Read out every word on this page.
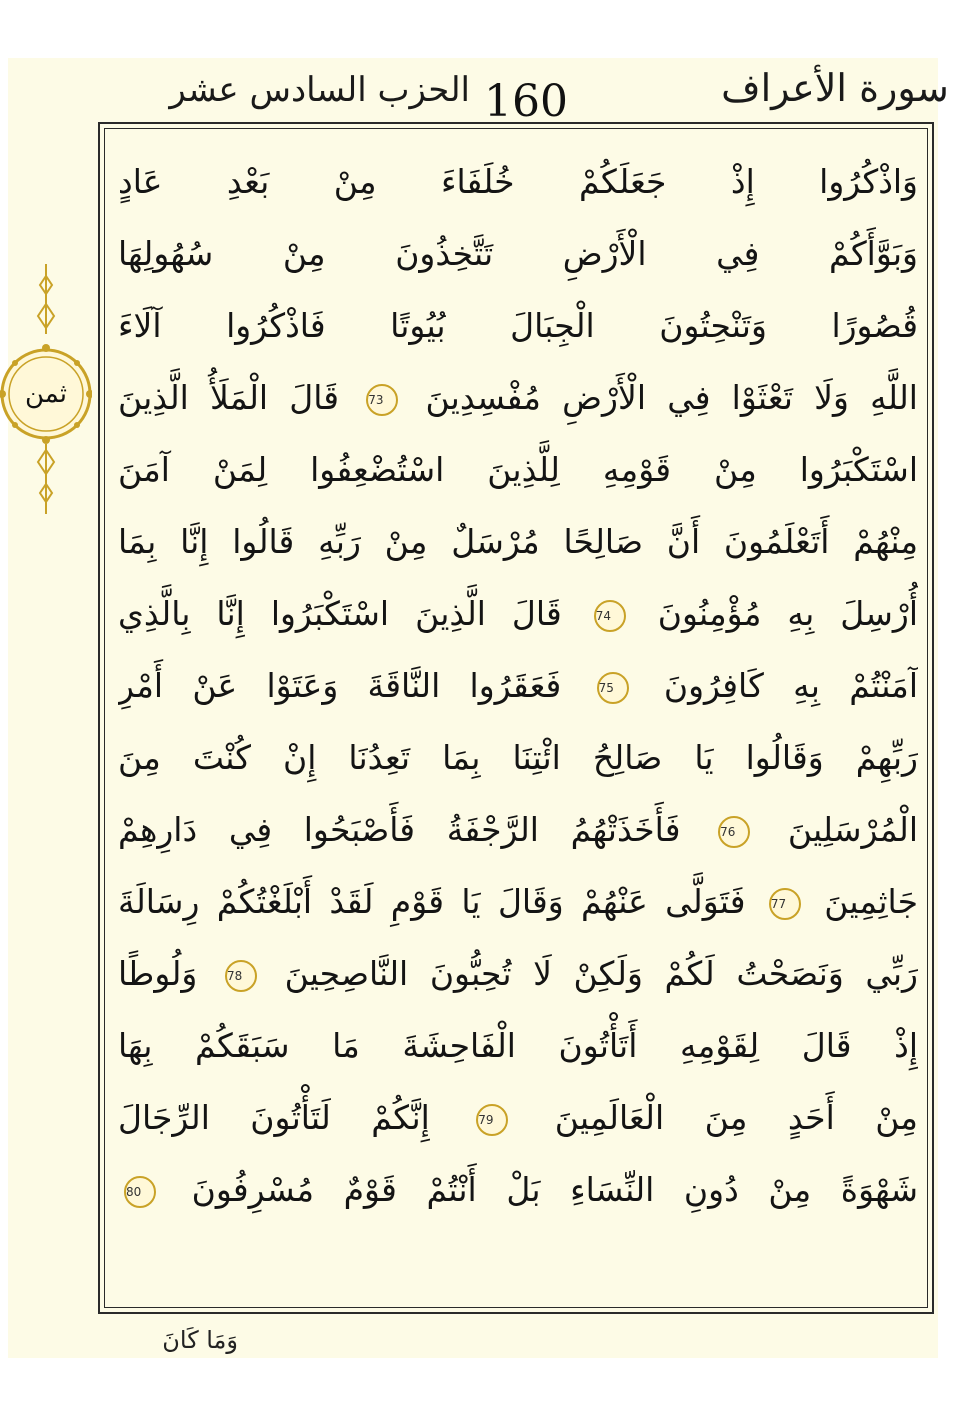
الحزب السادس عشر 160	سورة الأعراف
ثمن
وَاذْكُرُوا إِذْ جَعَلَكُمْ خُلَفَاءَ مِنْ بَعْدِ عَادٍ
وَبَوَّأَكُمْ فِي الْأَرْضِ تَتَّخِذُونَ مِنْ سُهُولِهَا
قُصُورًا وَتَنْحِتُونَ الْجِبَالَ بُيُوتًا فَاذْكُرُوا آلَاءَ
اللَّهِ وَلَا تَعْثَوْا فِي الْأَرْضِ مُفْسِدِينَ 73 قَالَ الْمَلَأُ الَّذِينَ
اسْتَكْبَرُوا مِنْ قَوْمِهِ لِلَّذِينَ اسْتُضْعِفُوا لِمَنْ آمَنَ
مِنْهُمْ أَتَعْلَمُونَ أَنَّ صَالِحًا مُرْسَلٌ مِنْ رَبِّهِ قَالُوا إِنَّا بِمَا
أُرْسِلَ بِهِ مُؤْمِنُونَ 74 قَالَ الَّذِينَ اسْتَكْبَرُوا إِنَّا بِالَّذِي
آمَنْتُمْ بِهِ كَافِرُونَ 75 فَعَقَرُوا النَّاقَةَ وَعَتَوْا عَنْ أَمْرِ
رَبِّهِمْ وَقَالُوا يَا صَالِحُ ائْتِنَا بِمَا تَعِدُنَا إِنْ كُنْتَ مِنَ
الْمُرْسَلِينَ 76 فَأَخَذَتْهُمُ الرَّجْفَةُ فَأَصْبَحُوا فِي دَارِهِمْ
جَاثِمِينَ 77 فَتَوَلَّى عَنْهُمْ وَقَالَ يَا قَوْمِ لَقَدْ أَبْلَغْتُكُمْ رِسَالَةَ
رَبِّي وَنَصَحْتُ لَكُمْ وَلَكِنْ لَا تُحِبُّونَ النَّاصِحِينَ 78 وَلُوطًا
إِذْ قَالَ لِقَوْمِهِ أَتَأْتُونَ الْفَاحِشَةَ مَا سَبَقَكُمْ بِهَا
مِنْ أَحَدٍ مِنَ الْعَالَمِينَ 79 إِنَّكُمْ لَتَأْتُونَ الرِّجَالَ
شَهْوَةً مِنْ دُونِ النِّسَاءِ بَلْ أَنْتُمْ قَوْمٌ مُسْرِفُونَ 80
وَمَا كَانَ
